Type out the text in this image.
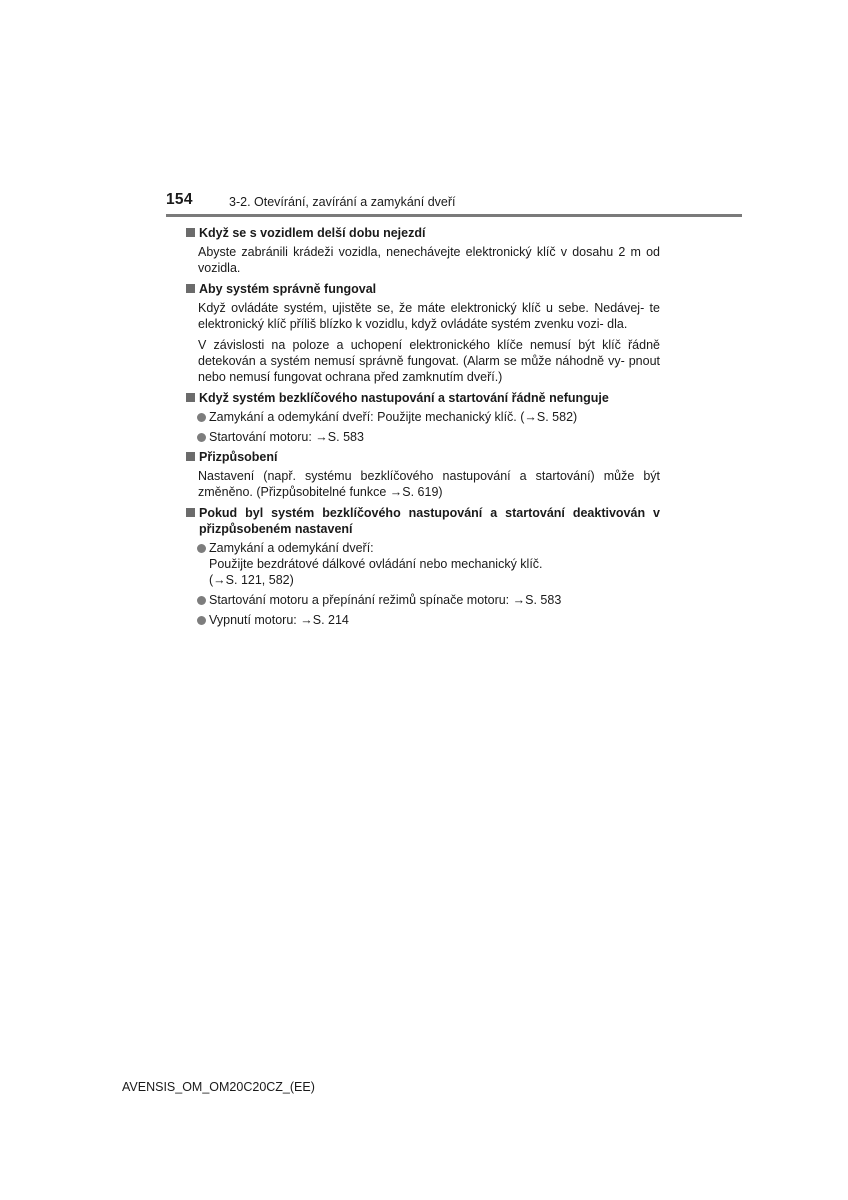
154	3-2. Otevírání, zavírání a zamykání dveří
Když se s vozidlem delší dobu nejezdí
Abyste zabránili krádeži vozidla, nenechávejte elektronický klíč v dosahu 2 m od vozidla.
Aby systém správně fungoval
Když ovládáte systém, ujistěte se, že máte elektronický klíč u sebe. Nedávej- te elektronický klíč příliš blízko k vozidlu, když ovládáte systém zvenku vozi- dla.
V závislosti na poloze a uchopení elektronického klíče nemusí být klíč řádně detekován a systém nemusí správně fungovat. (Alarm se může náhodně vy- pnout nebo nemusí fungovat ochrana před zamknutím dveří.)
Když systém bezklíčového nastupování a startování řádně nefunguje
Zamykání a odemykání dveří: Použijte mechanický klíč. (→S. 582)
Startování motoru: →S. 583
Přizpůsobení
Nastavení (např. systému bezklíčového nastupování a startování) může být změněno. (Přizpůsobitelné funkce →S. 619)
Pokud byl systém bezklíčového nastupování a startování deaktivován v přizpůsobeném nastavení
Zamykání a odemykání dveří:
Použijte bezdrátové dálkové ovládání nebo mechanický klíč.
(→S. 121, 582)
Startování motoru a přepínání režimů spínače motoru: →S. 583
Vypnutí motoru: →S. 214
AVENSIS_OM_OM20C20CZ_(EE)
